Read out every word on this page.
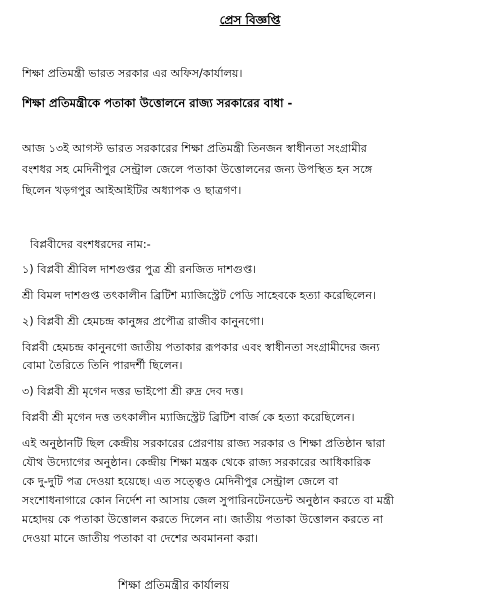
প্রেস বিজ্ঞপ্তি
শিক্ষা প্রতিমন্ত্রী ভারত সরকার এর অফিস/কার্যালয়।
শিক্ষা প্রতিমন্ত্রীকে পতাকা উত্তোলনে রাজ্য সরকারের বাধা -
আজ ১৩ই আগস্ট ভারত সরকারের শিক্ষা প্রতিমন্ত্রী তিনজন স্বাধীনতা সংগ্রামীর
বংশধর সহ মেদিনীপুর সেন্ট্রাল জেলে পতাকা উত্তোলনের জন্য উপস্থিত হন সঙ্গে
ছিলেন খড়গপুর আইআইটির অধ্যাপক ও ছাত্রগণ।
বিপ্লবীদের বংশধরদের নাম:-
১) বিপ্লবী শ্রীবিল দাশগুপ্তর পুত্র শ্রী রনজিত দাশগুপ্ত।
শ্রী বিমল দাশগুপ্ত তৎকালীন ব্রিটিশ ম্যাজিস্ট্রেট পেডি সাহেবকে হত্যা করেছিলেন।
২) বিপ্লবী শ্রী হেমচন্দ্র কানুঙ্গর প্রপৌত্র রাজীব কানুনগো।
বিপ্লবী হেমচন্দ্র কানুনগো জাতীয় পতাকার রূপকার এবং স্বাধীনতা সংগ্রামীদের জন্য
বোমা তৈরিতে তিনি পারদর্শী ছিলেন।
৩) বিপ্লবী শ্রী মৃগেন দত্তর ভাইপো শ্রী রুদ্র দেব দত্ত।
বিপ্লবী শ্রী মৃগেন দত্ত তৎকালীন ম্যাজিস্ট্রেট ব্রিটিশ বার্জ কে হত্যা করেছিলেন।
এই অনুষ্ঠানটি ছিল কেন্দ্রীয় সরকারের প্রেরণায় রাজ্য সরকার ও শিক্ষা প্রতিষ্ঠান দ্বারা
যৌথ উদ্যোগের অনুষ্ঠান। কেন্দ্রীয় শিক্ষা মন্ত্রক থেকে রাজ্য সরকারের আধিকারিক
কে দু-দুটি পত্র দেওয়া হয়েছে। এত সত্ত্বেও মেদিনীপুর সেন্ট্রাল জেলে বা
সংশোধনাগারে কোন নির্দেশ না আসায় জেল সুপারিনটেনডেন্ট অনুষ্ঠান করতে বা মন্ত্রী
মহোদয় কে পতাকা উত্তোলন করতে দিলেন না। জাতীয় পতাকা উত্তোলন করতে না
দেওয়া মানে জাতীয় পতাকা বা দেশের অবমাননা করা।
শিক্ষা প্রতিমন্ত্রীর কার্যালয়
